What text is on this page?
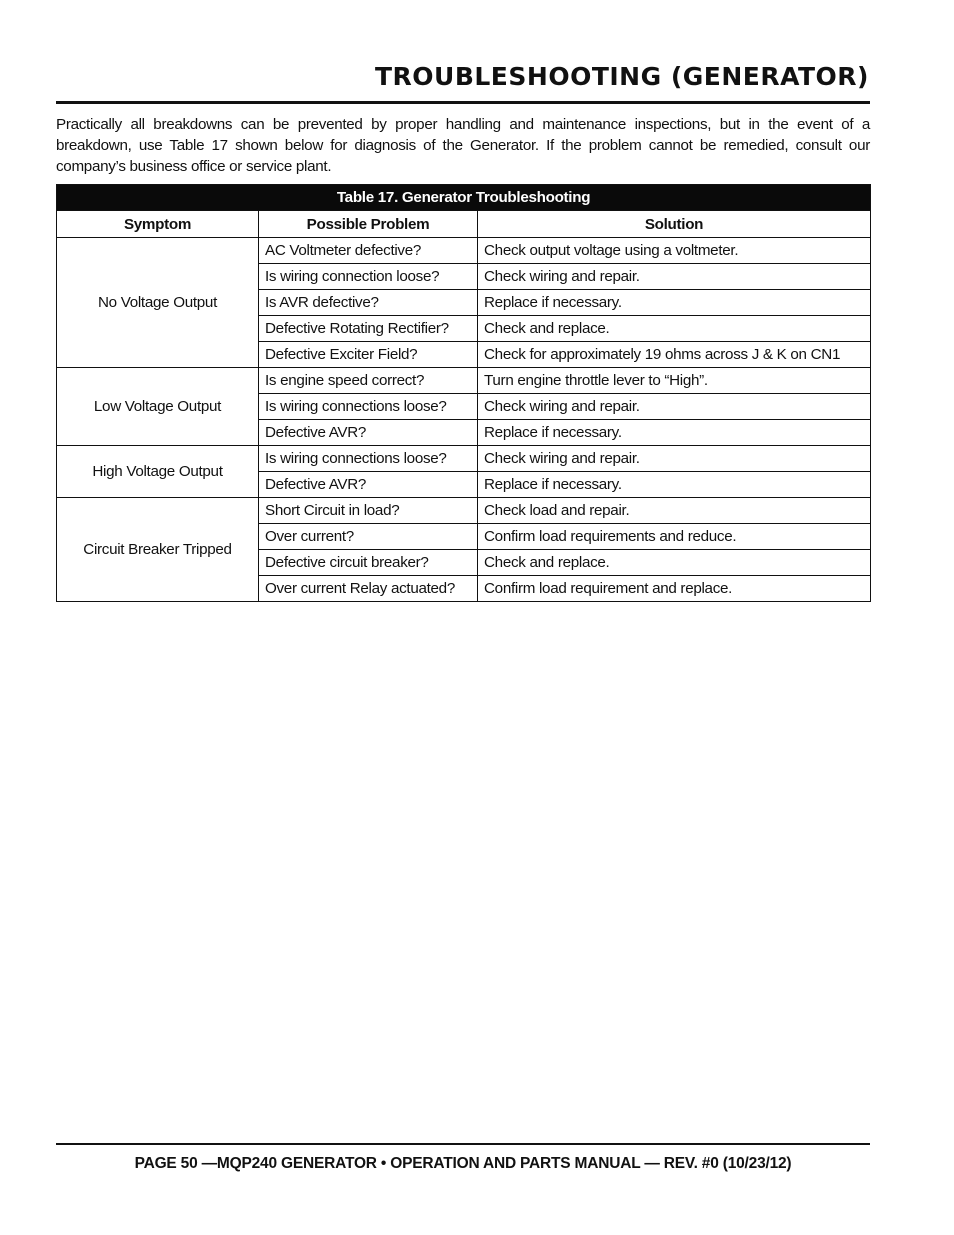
TROUBLESHOOTING (GENERATOR)

Practically all breakdowns can be prevented by proper handling and maintenance inspections, but in the event of a breakdown, use Table 17 shown below for diagnosis of the Generator. If the problem cannot be remedied, consult our company’s business office or service plant.

Table 17. Generator Troubleshooting		
Symptom	Possible Problem	Solution
No Voltage Output	AC Voltmeter defective?	Check output voltage using a voltmeter.
	Is wiring connection loose?	Check wiring and repair.
	Is AVR defective?	Replace if necessary.
	Defective Rotating Rectifier?	Check and replace.
	Defective Exciter Field?	Check for approximately 19 ohms across J & K on CN1
Low Voltage Output	Is engine speed correct?	Turn engine throttle lever to “High”.
	Is wiring connections loose?	Check wiring and repair.
	Defective AVR?	Replace if necessary.
High Voltage Output	Is wiring connections loose?	Check wiring and repair.
	Defective AVR?	Replace if necessary.
Circuit Breaker Tripped	Short Circuit in load?	Check load and repair.
	Over current?	Confirm load requirements and reduce.
	Defective circuit breaker?	Check and replace.
	Over current Relay actuated?	Confirm load requirement and replace.

PAGE 50 —MQP240 GENERATOR • OPERATION AND PARTS MANUAL — REV. #0 (10/23/12)
